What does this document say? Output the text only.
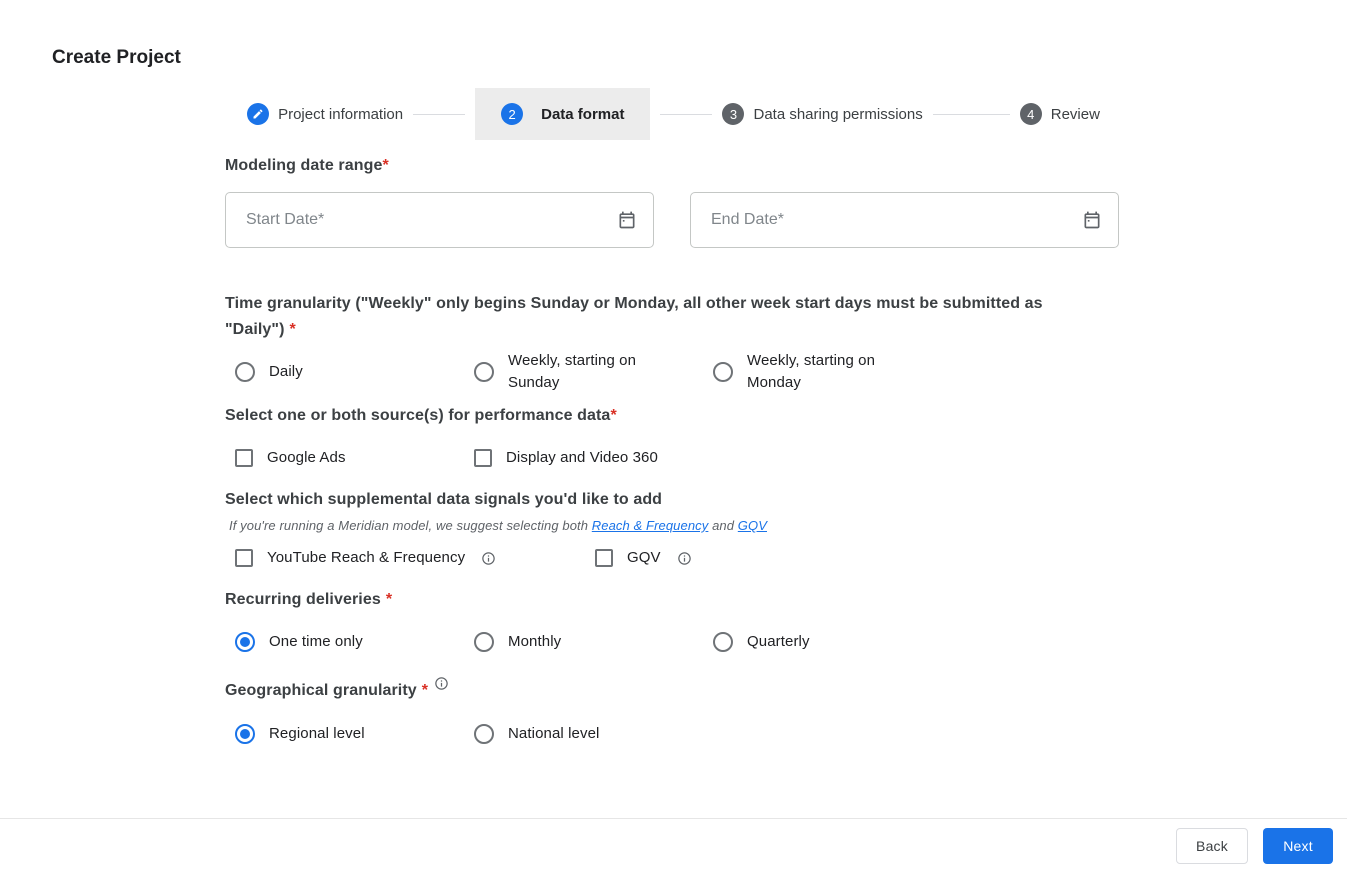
Create Project
Project information	2	Data format	3	Data sharing permissions	4	Review
Modeling date range*
Start Date*
End Date*
Time granularity ("Weekly" only begins Sunday or Monday, all other week start days must be submitted as "Daily") *
Daily
Weekly, starting on Sunday
Weekly, starting on Monday
Select one or both source(s) for performance data*
Google Ads	Display and Video 360
Select which supplemental data signals you'd like to add
If you're running a Meridian model, we suggest selecting both Reach & Frequency and GQV
YouTube Reach & Frequency	GQV
Recurring deliveries *
One time only	Monthly	Quarterly
Geographical granularity *
Regional level	National level
Back	Next
